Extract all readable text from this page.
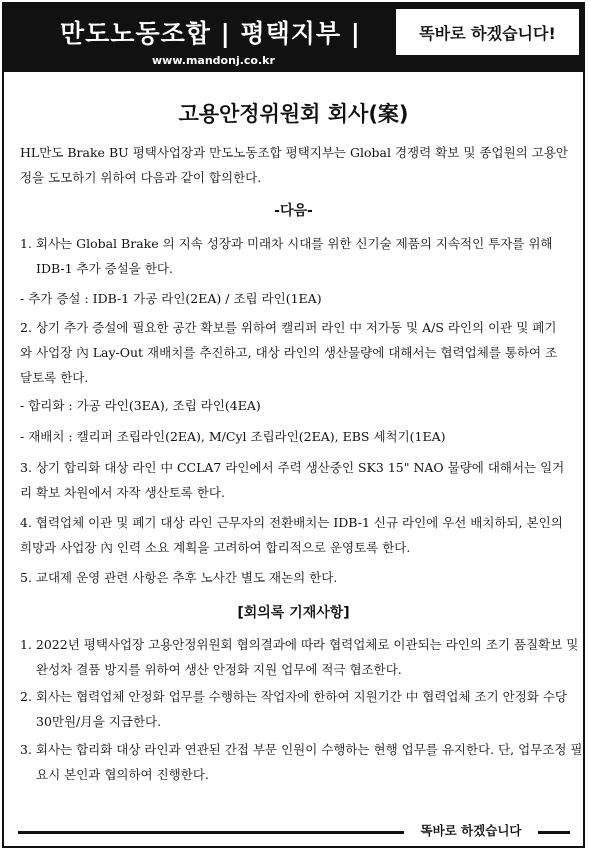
만도노동조합 | 평택지부 |
www.mandonj.co.kr
똑바로 하겠습니다!
고용안정위원회 회사(案)

HL만도 Brake BU 평택사업장과 만도노동조합 평택지부는 Global 경쟁력 확보 및 종업원의 고용안정을 도모하기 위하여 다음과 같이 합의한다.

-다음-

1. 회사는 Global Brake 의 지속 성장과 미래차 시대를 위한 신기술 제품의 지속적인 투자를 위해 IDB-1 추가 증설을 한다.

- 추가 증설 : IDB-1 가공 라인(2EA) / 조립 라인(1EA)

2. 상기 추가 증설에 필요한 공간 확보를 위하여 캘리퍼 라인 中 저가동 및 A/S 라인의 이관 및 폐기와 사업장 內 Lay-Out 재배치를 추진하고, 대상 라인의 생산물량에 대해서는 협력업체를 통하여 조달토록 한다.

- 합리화 : 가공 라인(3EA), 조립 라인(4EA)

- 재배치 : 캘리퍼 조립라인(2EA), M/Cyl 조립라인(2EA), EBS 세척기(1EA)

3. 상기 합리화 대상 라인 中 CCLA7 라인에서 주력 생산중인 SK3 15" NAO 물량에 대해서는 일거리 확보 차원에서 자작 생산토록 한다.

4. 협력업체 이관 및 폐기 대상 라인 근무자의 전환배치는 IDB-1 신규 라인에 우선 배치하되, 본인의 희망과 사업장 內 인력 소요 계획을 고려하여 합리적으로 운영토록 한다.

5. 교대제 운영 관련 사항은 추후 노사간 별도 재논의 한다.

[회의록 기재사항]

1. 2022년 평택사업장 고용안정위원회 협의결과에 따라 협력업체로 이관되는 라인의 조기 품질확보 및 완성차 결품 방지를 위하여 생산 안정화 지원 업무에 적극 협조한다.

2. 회사는 협력업체 안정화 업무를 수행하는 작업자에 한하여 지원기간 中 협력업체 조기 안정화 수당 30만원/月을 지급한다.

3. 회사는 합리화 대상 라인과 연관된 간접 부문 인원이 수행하는 현행 업무를 유지한다. 단, 업무조정 필요시 본인과 협의하여 진행한다.

똑바로 하겠습니다
